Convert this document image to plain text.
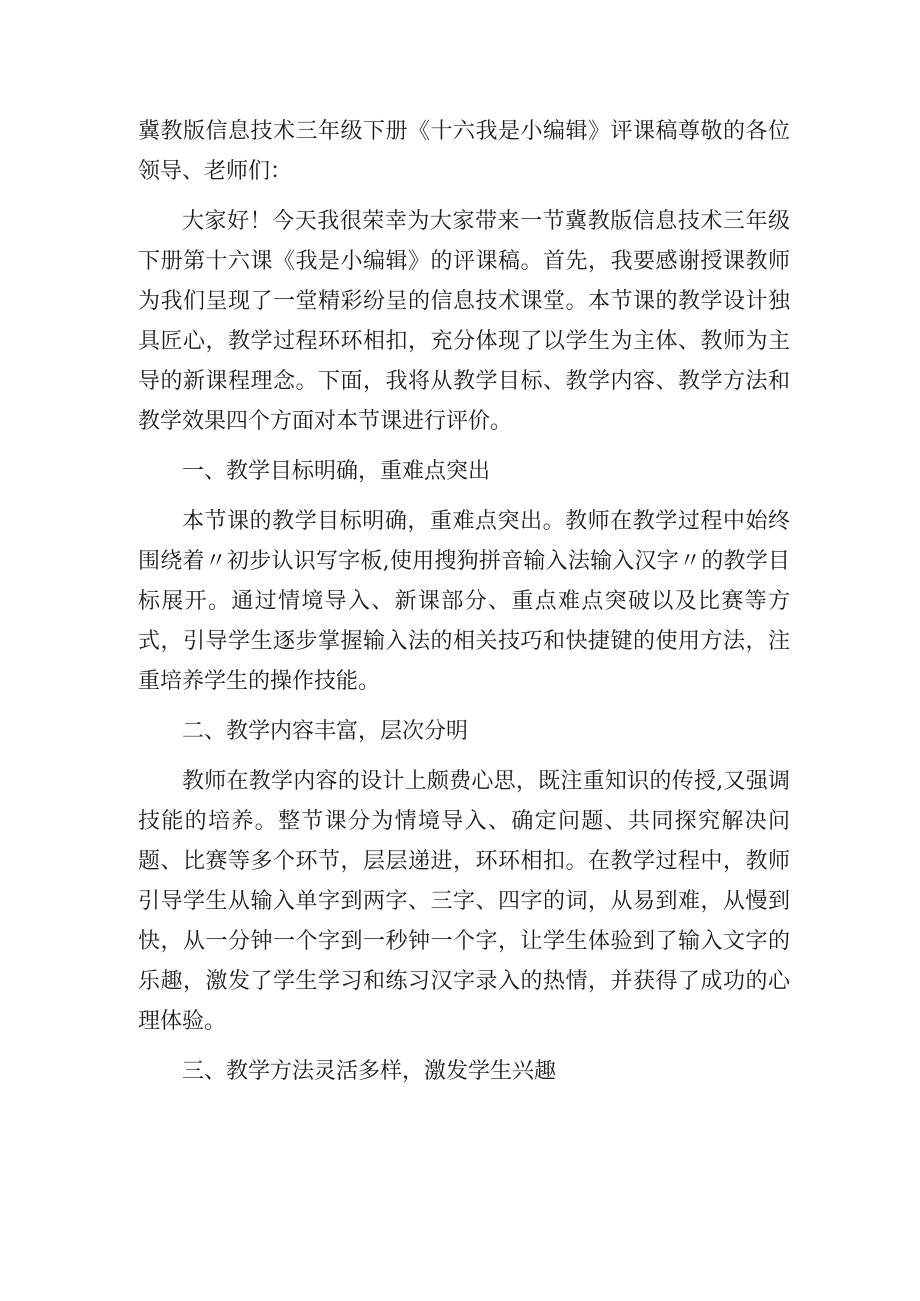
冀教版信息技术三年级下册《十六我是小编辑》评课稿尊敬的各位领导、老师们：

大家好！今天我很荣幸为大家带来一节冀教版信息技术三年级下册第十六课《我是小编辑》的评课稿。首先，我要感谢授课教师为我们呈现了一堂精彩纷呈的信息技术课堂。本节课的教学设计独具匠心，教学过程环环相扣，充分体现了以学生为主体、教师为主导的新课程理念。下面，我将从教学目标、教学内容、教学方法和教学效果四个方面对本节课进行评价。

一、教学目标明确，重难点突出

本节课的教学目标明确，重难点突出。教师在教学过程中始终围绕着〃初步认识写字板,使用搜狗拼音输入法输入汉字〃的教学目标展开。通过情境导入、新课部分、重点难点突破以及比赛等方式，引导学生逐步掌握输入法的相关技巧和快捷键的使用方法，注重培养学生的操作技能。

二、教学内容丰富，层次分明

教师在教学内容的设计上颇费心思，既注重知识的传授,又强调技能的培养。整节课分为情境导入、确定问题、共同探究解决问题、比赛等多个环节，层层递进，环环相扣。在教学过程中，教师引导学生从输入单字到两字、三字、四字的词，从易到难，从慢到快，从一分钟一个字到一秒钟一个字，让学生体验到了输入文字的乐趣，激发了学生学习和练习汉字录入的热情，并获得了成功的心理体验。

三、教学方法灵活多样，激发学生兴趣
